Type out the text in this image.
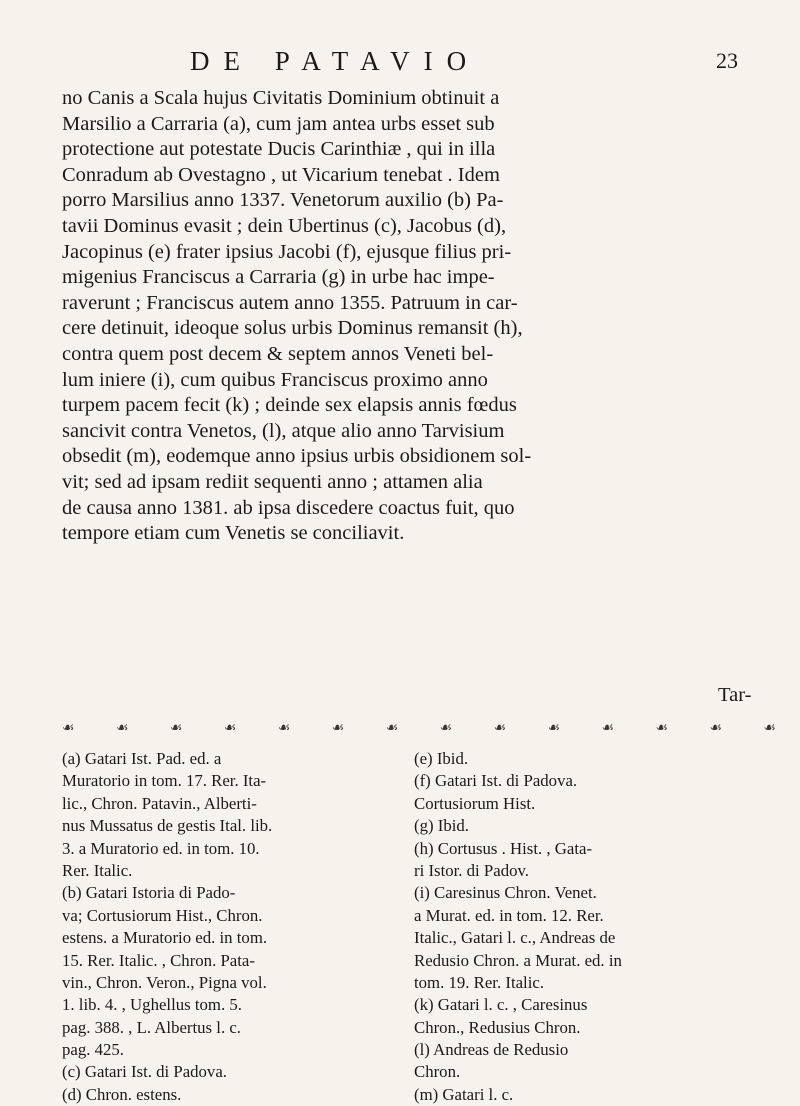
DE PATAVIO	23
no Canis a Scala hujus Civitatis Dominium obtinuit a
Marsilio a Carraria (a), cum jam antea urbs esset sub
protectione aut potestate Ducis Carinthiæ , qui in illa
Conradum ab Ovestagno , ut Vicarium tenebat . Idem
porro Marsilius anno 1337. Venetorum auxilio (b) Pa-
tavii Dominus evasit ; dein Ubertinus (c), Jacobus (d),
Jacopinus (e) frater ipsius Jacobi (f), ejusque filius pri-
migenius Franciscus a Carraria (g) in urbe hac impe-
raverunt ; Franciscus autem anno 1355. Patruum in car-
cere detinuit, ideoque solus urbis Dominus remansit (h),
contra quem post decem & septem annos Veneti bel-
lum iniere (i), cum quibus Franciscus proximo anno
turpem pacem fecit (k) ; deinde sex elapsis annis fœdus
sancivit contra Venetos, (l), atque alio anno Tarvisium
obsedit (m), eodemque anno ipsius urbis obsidionem sol-
vit; sed ad ipsam rediit sequenti anno ; attamen alia
de causa anno 1381. ab ipsa discedere coactus fuit, quo
tempore etiam cum Venetis se conciliavit.
Tar-
☙	☙	☙	☙	☙	☙	☙	☙	☙	☙	☙	☙	☙	☙
(a) Gatari Ist. Pad. ed. a
Muratorio in tom. 17. Rer. Ita-
lic., Chron. Patavin., Alberti-
nus Mussatus de gestis Ital. lib.
3. a Muratorio ed. in tom. 10.
Rer. Italic.
(b) Gatari Istoria di Pado-
va; Cortusiorum Hist., Chron.
estens. a Muratorio ed. in tom.
15. Rer. Italic. , Chron. Pata-
vin., Chron. Veron., Pigna vol.
1. lib. 4. , Ughellus tom. 5.
pag. 388. , L. Albertus l. c.
pag. 425.
(c) Gatari Ist. di Padova.
(d) Chron. estens.
(e) Ibid.
(f) Gatari Ist. di Padova.
Cortusiorum Hist.
(g) Ibid.
(h) Cortusus . Hist. , Gata-
ri Istor. di Padov.
(i) Caresinus Chron. Venet.
a Murat. ed. in tom. 12. Rer.
Italic., Gatari l. c., Andreas de
Redusio Chron. a Murat. ed. in
tom. 19. Rer. Italic.
(k) Gatari l. c. , Caresinus
Chron., Redusius Chron.
(l) Andreas de Redusio
Chron.
(m) Gatari l. c.
